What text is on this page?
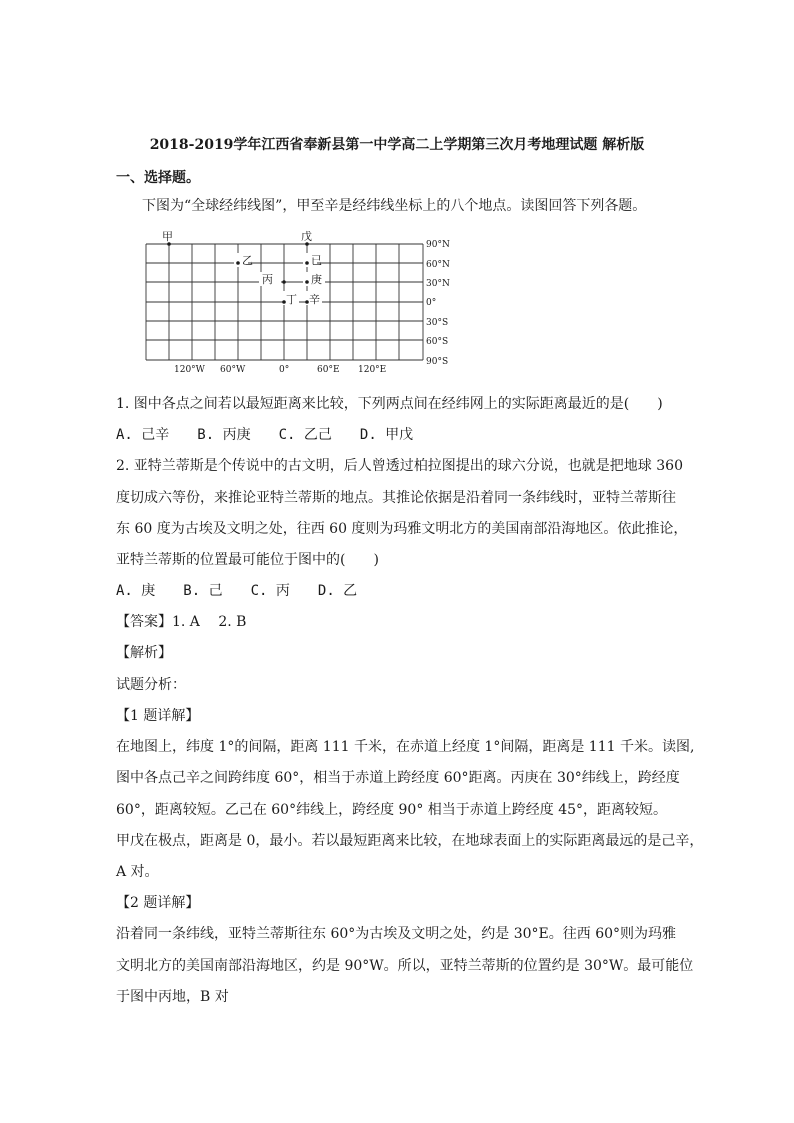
2018-2019学年江西省奉新县第一中学高二上学期第三次月考地理试题 解析版
一、选择题。
下图为“全球经纬线图”，甲至辛是经纬线坐标上的八个地点。读图回答下列各题。
甲	戊
乙	已
丙	庚
丁 辛
90°N
60°N
30°N
0°
30°S
60°S
90°S
120°W 60°W	0°	60°E 120°E
1. 图中各点之间若以最短距离来比较，下列两点间在经纬网上的实际距离最近的是(　　)
A. 己辛 B. 丙庚 C. 乙己 D. 甲戊
2. 亚特兰蒂斯是个传说中的古文明，后人曾透过柏拉图提出的球六分说，也就是把地球 360
度切成六等份，来推论亚特兰蒂斯的地点。其推论依据是沿着同一条纬线时，亚特兰蒂斯往
东 60 度为古埃及文明之处，往西 60 度则为玛雅文明北方的美国南部沿海地区。依此推论，
亚特兰蒂斯的位置最可能位于图中的(　　)
A. 庚 B. 己 C. 丙 D. 乙
【答案】1. A　 2. B
【解析】
试题分析：
【1 题详解】
在地图上，纬度 1°的间隔，距离 111 千米，在赤道上经度 1°间隔，距离是 111 千米。读图,
图中各点己辛之间跨纬度 60°，相当于赤道上跨经度 60°距离。丙庚在 30°纬线上，跨经度
60°，距离较短。乙己在 60°纬线上，跨经度 90° 相当于赤道上跨经度 45°，距离较短。
甲戊在极点，距离是 0，最小。若以最短距离来比较，在地球表面上的实际距离最远的是己辛，
A 对。
【2 题详解】
沿着同一条纬线，亚特兰蒂斯往东 60°为古埃及文明之处，约是 30°E。往西 60°则为玛雅
文明北方的美国南部沿海地区，约是 90°W。所以，亚特兰蒂斯的位置约是 30°W。最可能位
于图中丙地，B 对
